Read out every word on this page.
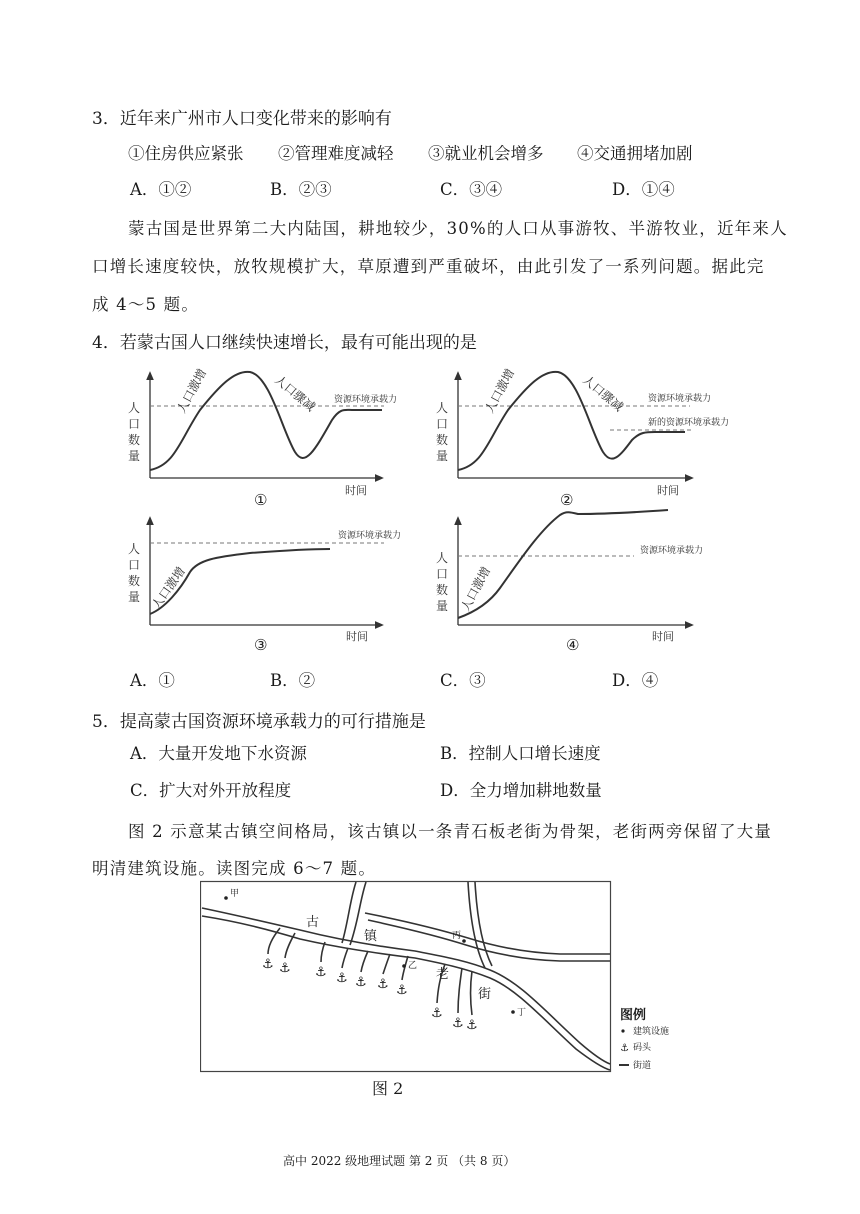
3．近年来广州市人口变化带来的影响有
①住房供应紧张 ②管理难度减轻 ③就业机会增多 ④交通拥堵加剧
A．①②	B．②③	C．③④	D．①④
蒙古国是世界第二大内陆国，耕地较少，30%的人口从事游牧、半游牧业，近年来人
口增长速度较快，放牧规模扩大，草原遭到严重破坏，由此引发了一系列问题。据此完
成 4～5 题。
4．若蒙古国人口继续快速增长，最有可能出现的是
人
口
数
量
时间
资源环境承载力
人口激增	人口骤减
①
人
口
数
量
时间
资源环境承载力
新的资源环境承载力
人口激增	人口骤减
②
人
口
数
量
时间
资源环境承载力
人口激增
③
人
口
数
量
时间
资源环境承载力
人口激增
④
A．①	B．②	C．③	D．④
5．提高蒙古国资源环境承载力的可行措施是
A．大量开发地下水资源	B．控制人口增长速度
C．扩大对外开放程度	D．全力增加耕地数量
图 2 示意某古镇空间格局，该古镇以一条青石板老街为骨架，老街两旁保留了大量
明清建筑设施。读图完成 6～7 题。
⚓ ⚓ ⚓ ⚓ ⚓ ⚓ ⚓
⚓
⚓ ⚓
古
镇
老
街
甲
乙
丙
丁	图例
⚓
建筑设施
码头
街道
图 2
高中 2022 级地理试题 第 2 页 （共 8 页）
